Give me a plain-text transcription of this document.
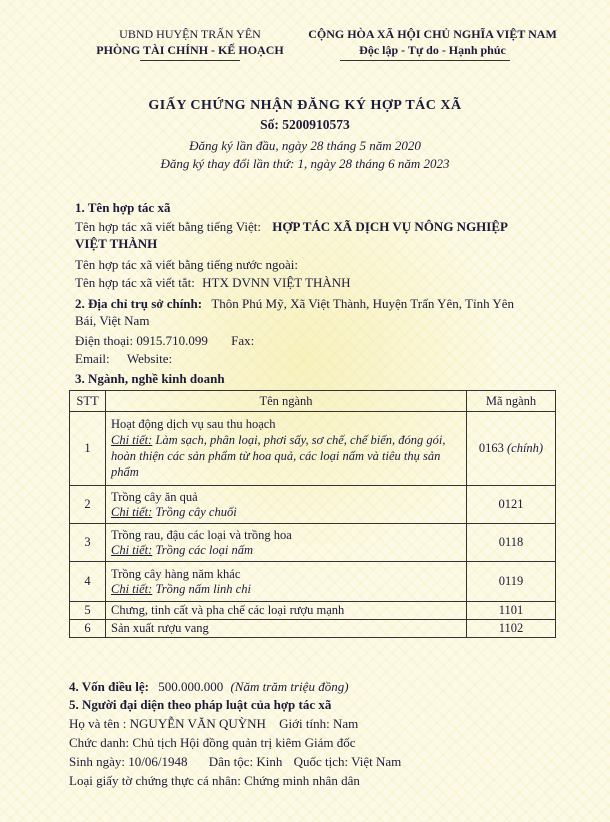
UBND HUYỆN TRẤN YÊN
PHÒNG TÀI CHÍNH - KẾ HOẠCH
CỘNG HÒA XÃ HỘI CHỦ NGHĨA VIỆT NAM
Độc lập - Tự do - Hạnh phúc
GIẤY CHỨNG NHẬN ĐĂNG KÝ HỢP TÁC XÃ
Số: 5200910573
Đăng ký lần đầu, ngày 28 tháng 5 năm 2020
Đăng ký thay đổi lần thứ: 1, ngày 28 tháng 6 năm 2023
1. Tên hợp tác xã
Tên hợp tác xã viết bằng tiếng Việt: HỢP TÁC XÃ DỊCH VỤ NÔNG NGHIỆP
VIỆT THÀNH
Tên hợp tác xã viết bằng tiếng nước ngoài:
Tên hợp tác xã viết tắt: HTX DVNN VIỆT THÀNH
2. Địa chỉ trụ sở chính: Thôn Phú Mỹ, Xã Việt Thành, Huyện Trấn Yên, Tỉnh Yên
Bái, Việt Nam
Điện thoại: 0915.710.099 Fax:
Email: Website:
3. Ngành, nghề kinh doanh
STT	Tên ngành	Mã ngành
1	Hoạt động dịch vụ sau thu hoạch
Chi tiết: Làm sạch, phân loại, phơi sấy, sơ chế, chế biến, đóng gói, hoàn thiện các sản phẩm từ hoa quả, các loại nấm và tiêu thụ sản phẩm	0163 (chính)
2	Trồng cây ăn quả
Chi tiết: Trồng cây chuối	0121
3	Trồng rau, đậu các loại và trồng hoa
Chi tiết: Trồng các loại nấm	0118
4	Trồng cây hàng năm khác
Chi tiết: Trồng nấm linh chi	0119
5	Chưng, tinh cất và pha chế các loại rượu mạnh	1101
6	Sản xuất rượu vang	1102
4. Vốn điều lệ: 500.000.000 (Năm trăm triệu đồng)
5. Người đại diện theo pháp luật của hợp tác xã
Họ và tên : NGUYỄN VĂN QUỲNH Giới tính: Nam
Chức danh: Chủ tịch Hội đồng quản trị kiêm Giám đốc
Sinh ngày: 10/06/1948 Dân tộc: Kinh Quốc tịch: Việt Nam
Loại giấy tờ chứng thực cá nhân: Chứng minh nhân dân
